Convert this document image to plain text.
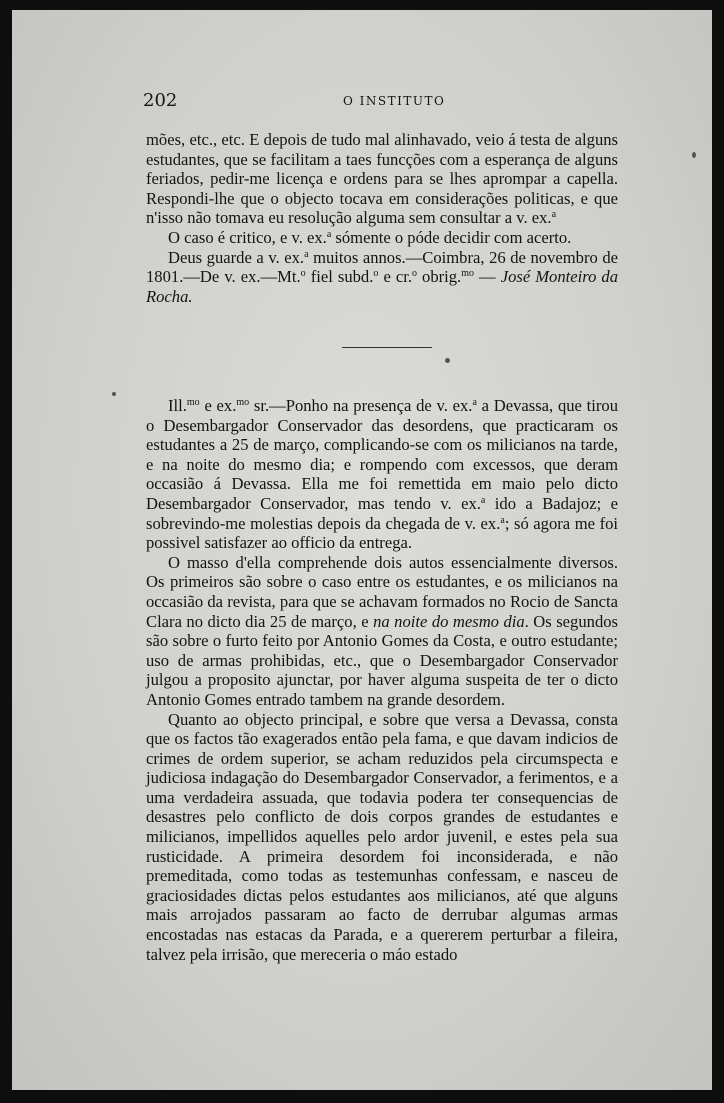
202	O INSTITUTO

mões, etc., etc. E depois de tudo mal alinhavado, veio á testa de alguns estudantes, que se facilitam a taes funcções com a esperança de alguns feriados, pedir-me licença e ordens para se lhes aprompar a capella. Respondi-lhe que o objecto tocava em considerações politicas, e que n'isso não tomava eu resolução alguma sem consultar a v. ex.$^a$

O caso é critico, e v. ex.$^a$ sómente o póde decidir com acerto.

Deus guarde a v. ex.$^a$ muitos annos.—Coimbra, 26 de novembro de 1801.—De v. ex.—Mt.$^o$ fiel subd.$^o$ e cr.$^o$ obrig.$^{mo}$ — José Monteiro da Rocha.

Ill.$^{mo}$ e ex.$^{mo}$ sr.—Ponho na presença de v. ex.$^a$ a Devassa, que tirou o Desembargador Conservador das desordens, que practicaram os estudantes a 25 de março, complicando-se com os milicianos na tarde, e na noite do mesmo dia; e rompendo com excessos, que deram occasião á Devassa. Ella me foi remettida em maio pelo dicto Desembargador Conservador, mas tendo v. ex.$^a$ ido a Badajoz; e sobrevindo-me molestias depois da chegada de v. ex.$^a$; só agora me foi possivel satisfazer ao officio da entrega.

O masso d'ella comprehende dois autos essencialmente diversos. Os primeiros são sobre o caso entre os estudantes, e os milicianos na occasião da revista, para que se achavam formados no Rocio de Sancta Clara no dicto dia 25 de março, e na noite do mesmo dia. Os segundos são sobre o furto feito por Antonio Gomes da Costa, e outro estudante; uso de armas prohibidas, etc., que o Desembargador Conservador julgou a proposito ajunctar, por haver alguma suspeita de ter o dicto Antonio Gomes entrado tambem na grande desordem.

Quanto ao objecto principal, e sobre que versa a Devassa, consta que os factos tão exagerados então pela fama, e que davam indicios de crimes de ordem superior, se acham reduzidos pela circumspecta e judiciosa indagação do Desembargador Conservador, a ferimentos, e a uma verdadeira assuada, que todavia podera ter consequencias de desastres pelo conflicto de dois corpos grandes de estudantes e milicianos, impellidos aquelles pelo ardor juvenil, e estes pela sua rusticidade. A primeira desordem foi inconsiderada, e não premeditada, como todas as testemunhas confessam, e nasceu de graciosidades dictas pelos estudantes aos milicianos, até que alguns mais arrojados passaram ao facto de derrubar algumas armas encostadas nas estacas da Parada, e a quererem perturbar a fileira, talvez pela irrisão, que mereceria o máo estado
